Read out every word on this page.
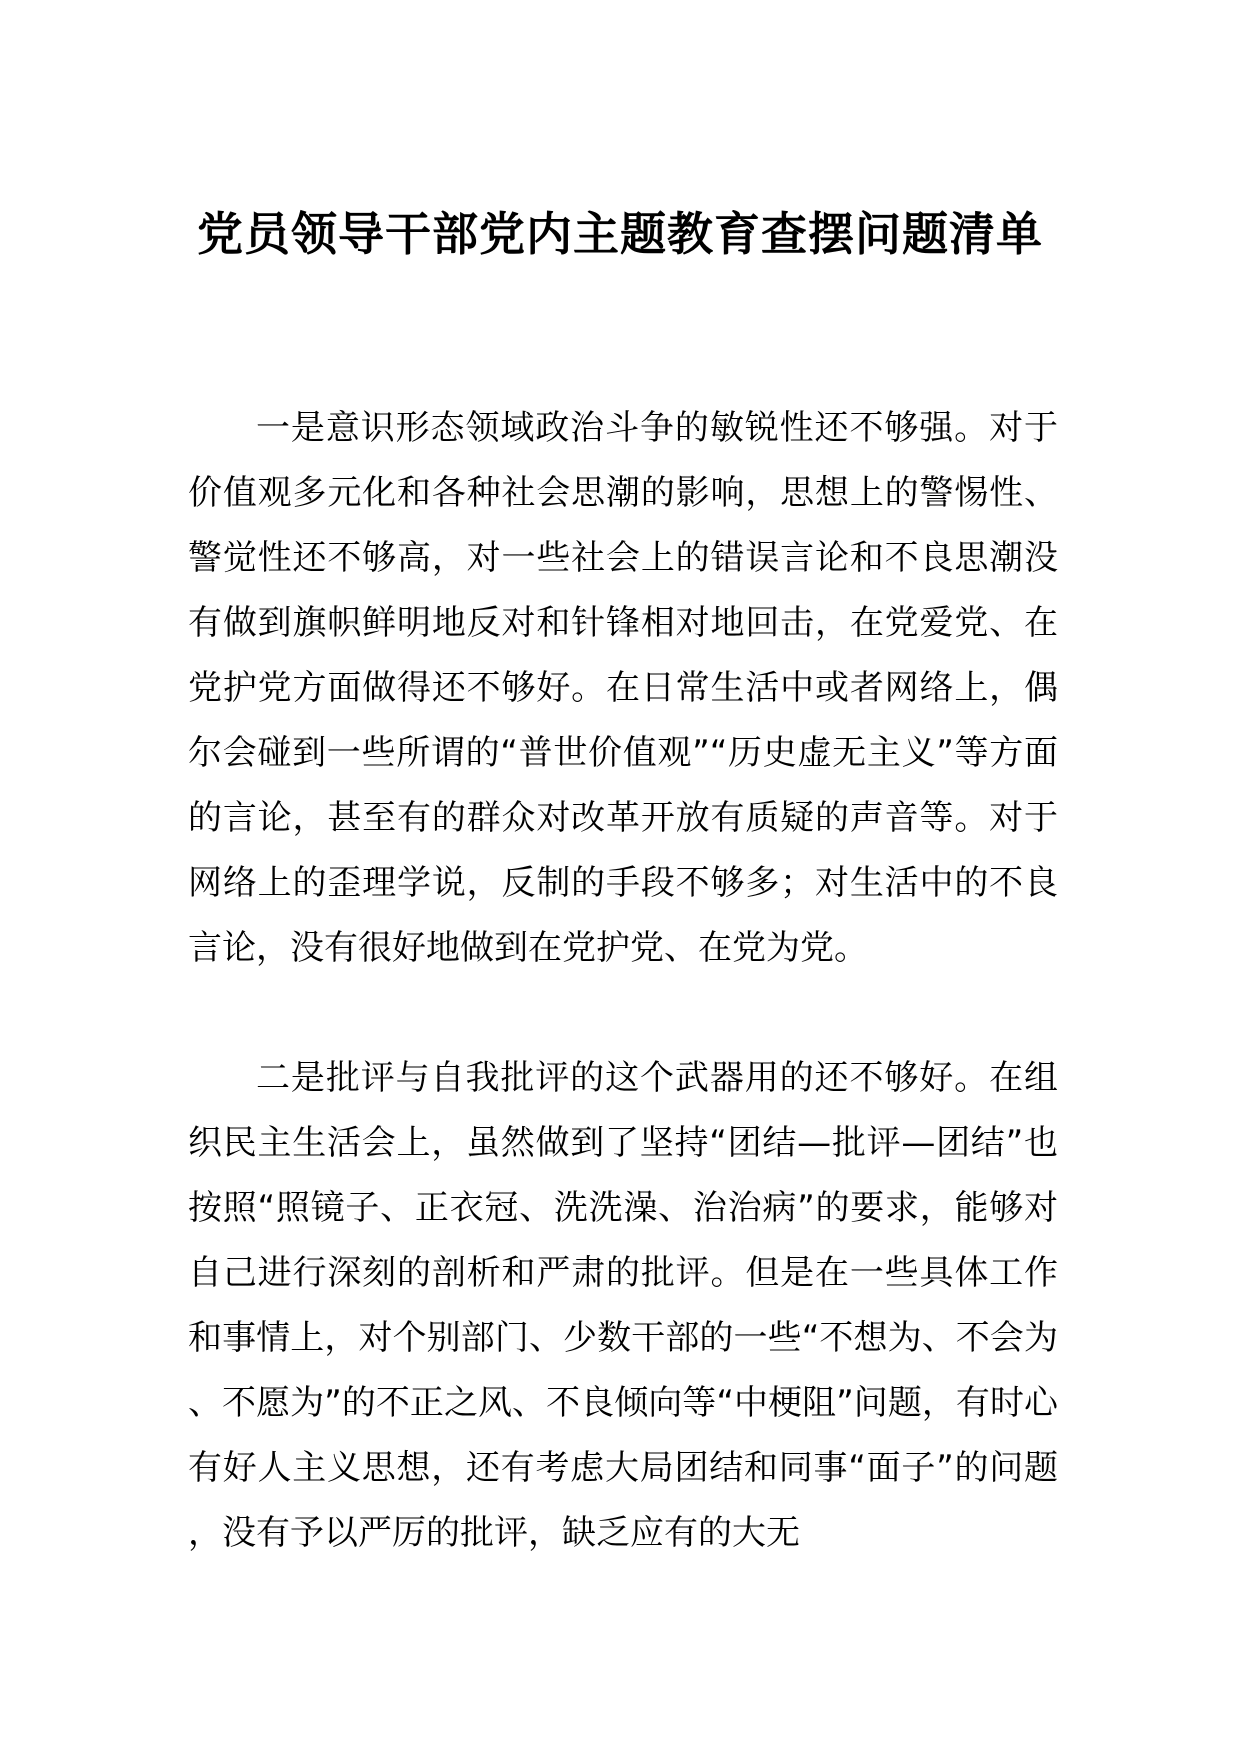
党员领导干部党内主题教育查摆问题清单

一是意识形态领域政治斗争的敏锐性还不够强。对于价值观多元化和各种社会思潮的影响，思想上的警惕性、警觉性还不够高，对一些社会上的错误言论和不良思潮没有做到旗帜鲜明地反对和针锋相对地回击，在党爱党、在党护党方面做得还不够好。在日常生活中或者网络上，偶尔会碰到一些所谓的“普世价值观”“历史虚无主义”等方面的言论，甚至有的群众对改革开放有质疑的声音等。对于网络上的歪理学说，反制的手段不够多；对生活中的不良言论，没有很好地做到在党护党、在党为党。

二是批评与自我批评的这个武器用的还不够好。在组织民主生活会上，虽然做到了坚持“团结—批评—团结”也按照“照镜子、正衣冠、洗洗澡、治治病”的要求，能够对自己进行深刻的剖析和严肃的批评。但是在一些具体工作和事情上，对个别部门、少数干部的一些“不想为、不会为、不愿为”的不正之风、不良倾向等“中梗阻”问题，有时心有好人主义思想，还有考虑大局团结和同事“面子”的问题，没有予以严厉的批评，缺乏应有的大无
